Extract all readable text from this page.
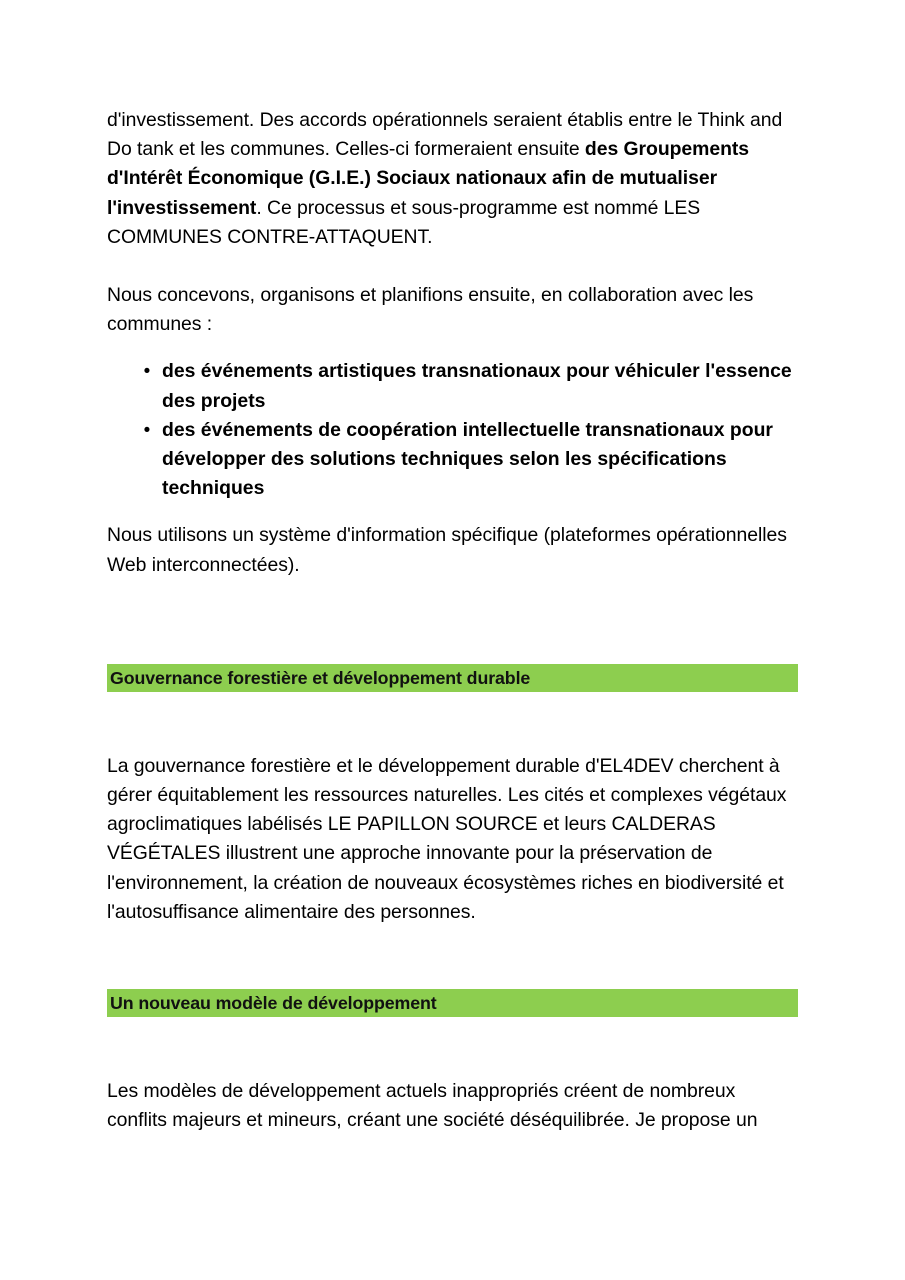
d'investissement. Des accords opérationnels seraient établis entre le Think and Do tank et les communes. Celles-ci formeraient ensuite des Groupements d'Intérêt Économique (G.I.E.) Sociaux nationaux afin de mutualiser l'investissement. Ce processus et sous-programme est nommé LES COMMUNES CONTRE-ATTAQUENT.

Nous concevons, organisons et planifions ensuite, en collaboration avec les communes :

• des événements artistiques transnationaux pour véhiculer l'essence des projets
• des événements de coopération intellectuelle transnationaux pour développer des solutions techniques selon les spécifications techniques

Nous utilisons un système d'information spécifique (plateformes opérationnelles Web interconnectées).

Gouvernance forestière et développement durable

La gouvernance forestière et le développement durable d'EL4DEV cherchent à gérer équitablement les ressources naturelles. Les cités et complexes végétaux agroclimatiques labélisés LE PAPILLON SOURCE et leurs CALDERAS VÉGÉTALES illustrent une approche innovante pour la préservation de l'environnement, la création de nouveaux écosystèmes riches en biodiversité et l'autosuffisance alimentaire des personnes.

Un nouveau modèle de développement

Les modèles de développement actuels inappropriés créent de nombreux conflits majeurs et mineurs, créant une société déséquilibrée. Je propose un
